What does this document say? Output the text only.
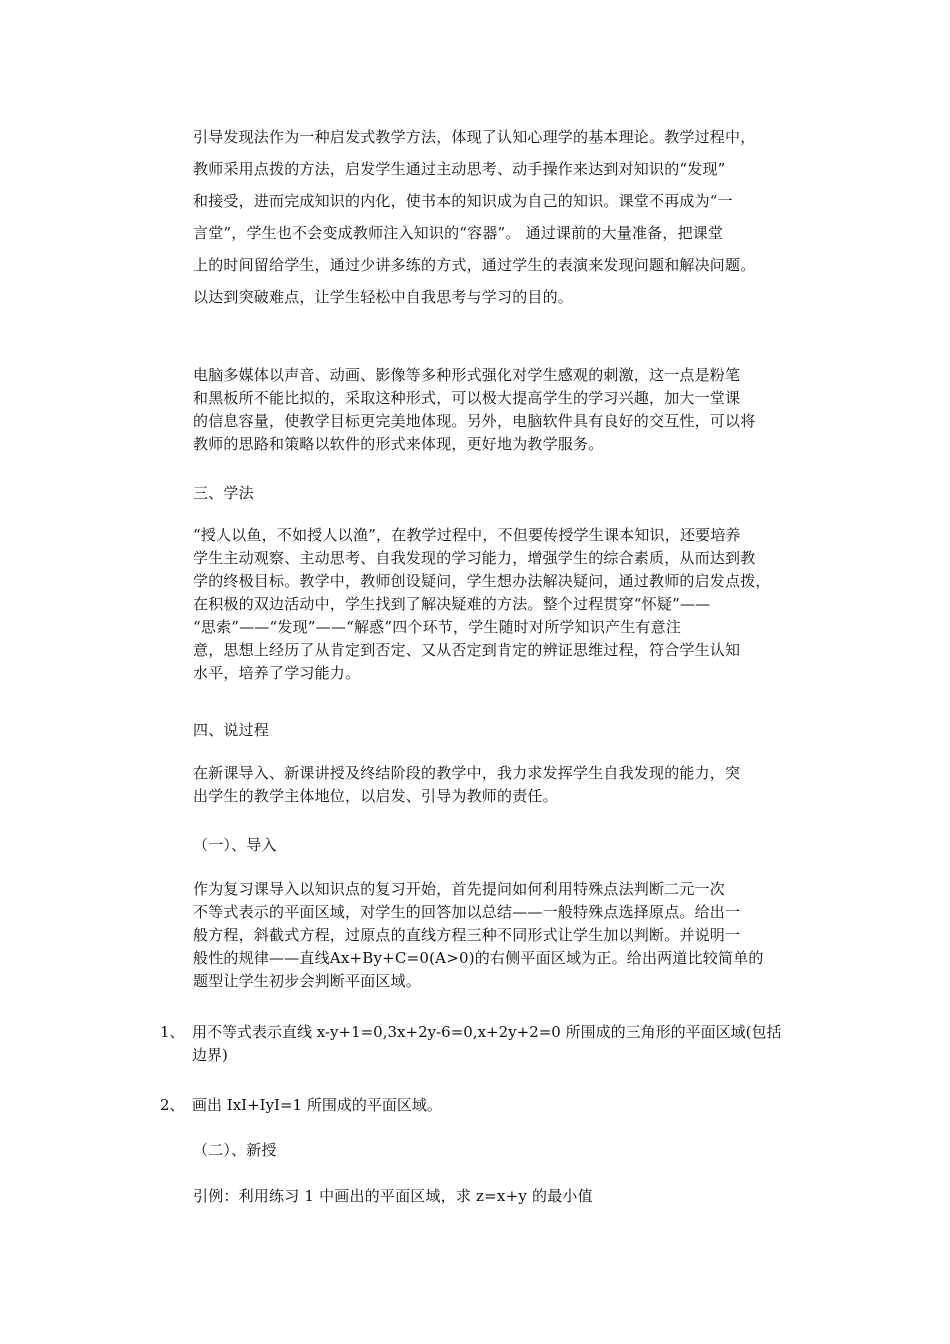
引导发现法作为一种启发式教学方法，体现了认知心理学的基本理论。教学过程中，
教师采用点拨的方法，启发学生通过主动思考、动手操作来达到对知识的“发现”
和接受，进而完成知识的内化，使书本的知识成为自己的知识。课堂不再成为“一
言堂”，学生也不会变成教师注入知识的“容器”。 通过课前的大量准备，把课堂
上的时间留给学生，通过少讲多练的方式，通过学生的表演来发现问题和解决问题。
以达到突破难点，让学生轻松中自我思考与学习的目的。
电脑多媒体以声音、动画、影像等多种形式强化对学生感观的刺激，这一点是粉笔
和黑板所不能比拟的，采取这种形式，可以极大提高学生的学习兴趣，加大一堂课
的信息容量，使教学目标更完美地体现。另外，电脑软件具有良好的交互性，可以将
教师的思路和策略以软件的形式来体现，更好地为教学服务。
三、学法
“授人以鱼，不如授人以渔”，在教学过程中，不但要传授学生课本知识，还要培养
学生主动观察、主动思考、自我发现的学习能力，增强学生的综合素质，从而达到教
学的终极目标。教学中，教师创设疑问，学生想办法解决疑问，通过教师的启发点拨，
在积极的双边活动中，学生找到了解决疑难的方法。整个过程贯穿“怀疑”——
“思索”——“发现”——“解惑”四个环节，学生随时对所学知识产生有意注
意，思想上经历了从肯定到否定、又从否定到肯定的辨证思维过程，符合学生认知
水平，培养了学习能力。
四、说过程
在新课导入、新课讲授及终结阶段的教学中，我力求发挥学生自我发现的能力，突
出学生的教学主体地位，以启发、引导为教师的责任。
（一）、导入
作为复习课导入以知识点的复习开始，首先提问如何利用特殊点法判断二元一次
不等式表示的平面区域，对学生的回答加以总结——一般特殊点选择原点。给出一
般方程，斜截式方程，过原点的直线方程三种不同形式让学生加以判断。并说明一
般性的规律——直线Ax+By+C=0(A>0)的右侧平面区域为正。给出两道比较简单的
题型让学生初步会判断平面区域。
1、 用不等式表示直线 x-y+1=0,3x+2y-6=0,x+2y+2=0 所围成的三角形的平面区域(包括
边界)
2、 画出 IxI+IyI=1 所围成的平面区域。
（二）、新授
引例：利用练习 1 中画出的平面区域，求 z=x+y 的最小值
